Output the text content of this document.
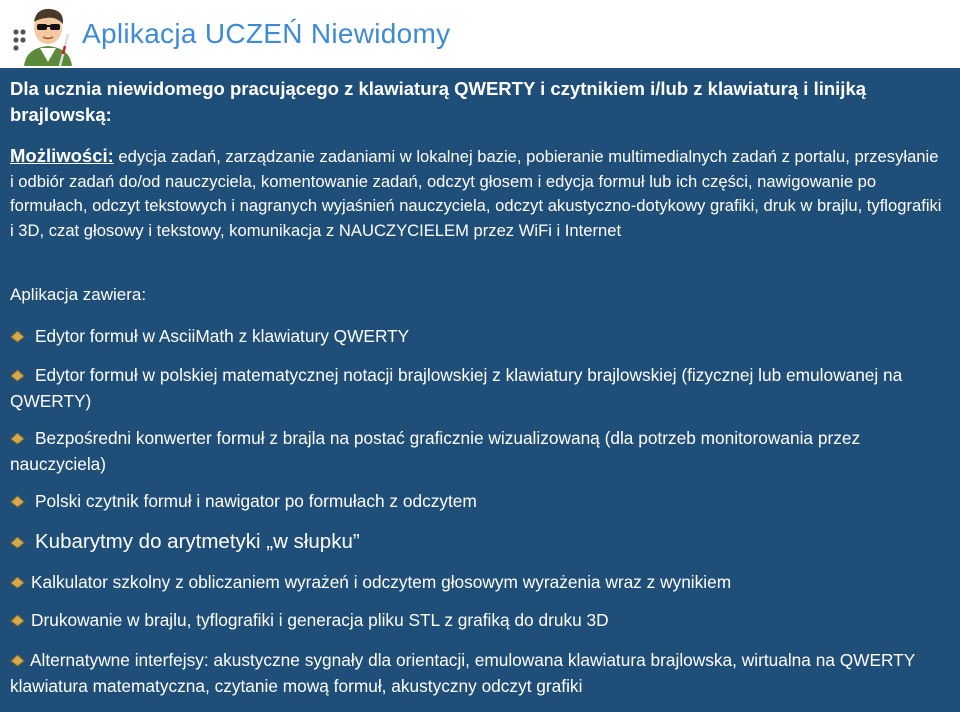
Aplikacja UCZEŃ Niewidomy
Dla ucznia niewidomego pracującego z klawiaturą QWERTY i czytnikiem i/lub z klawiaturą i linijką brajlowską:
Możliwości: edycja zadań, zarządzanie zadaniami w lokalnej bazie, pobieranie multimedialnych zadań z portalu, przesyłanie i odbiór zadań do/od nauczyciela, komentowanie zadań, odczyt głosem i edycja formuł lub ich części, nawigowanie po formułach, odczyt tekstowych i nagranych wyjaśnień nauczyciela, odczyt akustyczno-dotykowy grafiki, druk w brajlu, tyflografiki i 3D, czat głosowy i tekstowy, komunikacja z NAUCZYCIELEM przez WiFi i Internet
Aplikacja zawiera:
Edytor formuł w AsciiMath z klawiatury QWERTY
Edytor formuł w polskiej matematycznej notacji brajlowskiej z klawiatury brajlowskiej (fizycznej lub emulowanej na QWERTY)
Bezpośredni konwerter formuł z brajla na postać graficznie wizualizowaną (dla potrzeb monitorowania przez nauczyciela)
Polski czytnik formuł i nawigator po formułach z odczytem
Kubarytmy do arytmetyki „w słupku”
Kalkulator szkolny z obliczaniem wyrażeń i odczytem głosowym wyrażenia wraz z wynikiem
Drukowanie w brajlu, tyflografiki i generacja pliku STL z grafiką do druku 3D
Alternatywne interfejsy: akustyczne sygnały dla orientacji, emulowana klawiatura brajlowska, wirtualna na QWERTY klawiatura matematyczna, czytanie mową formuł, akustyczny odczyt grafiki
